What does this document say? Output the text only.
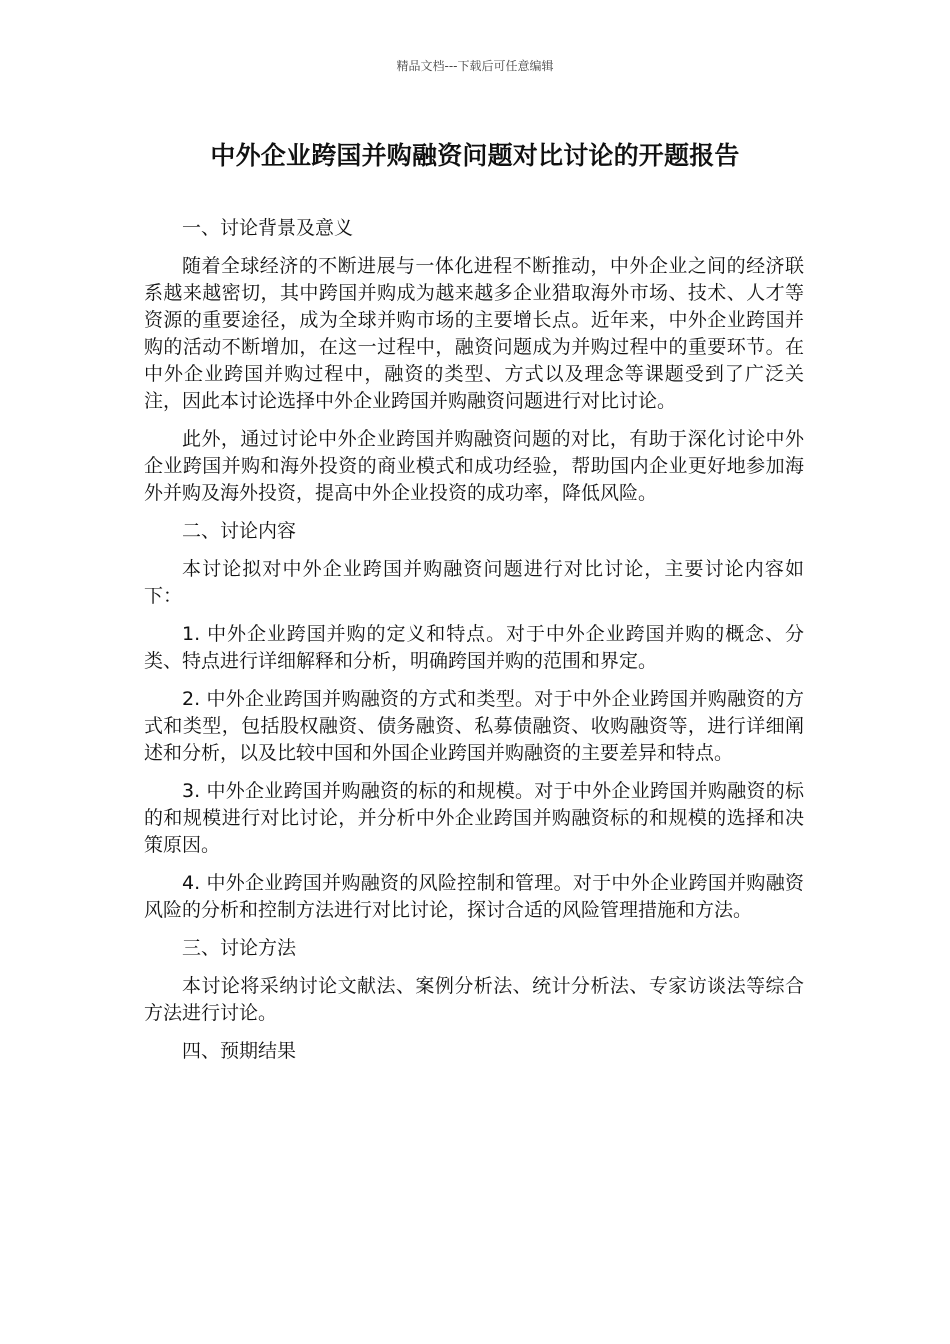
精品文档---下载后可任意编辑
中外企业跨国并购融资问题对比讨论的开题报告

一、讨论背景及意义

随着全球经济的不断进展与一体化进程不断推动，中外企业之间的经济联系越来越密切，其中跨国并购成为越来越多企业猎取海外市场、技术、人才等资源的重要途径，成为全球并购市场的主要增长点。近年来，中外企业跨国并购的活动不断增加，在这一过程中，融资问题成为并购过程中的重要环节。在中外企业跨国并购过程中，融资的类型、方式以及理念等课题受到了广泛关注，因此本讨论选择中外企业跨国并购融资问题进行对比讨论。

此外，通过讨论中外企业跨国并购融资问题的对比，有助于深化讨论中外企业跨国并购和海外投资的商业模式和成功经验，帮助国内企业更好地参加海外并购及海外投资，提高中外企业投资的成功率，降低风险。

二、讨论内容

本讨论拟对中外企业跨国并购融资问题进行对比讨论，主要讨论内容如下：

1. 中外企业跨国并购的定义和特点。对于中外企业跨国并购的概念、分类、特点进行详细解释和分析，明确跨国并购的范围和界定。

2. 中外企业跨国并购融资的方式和类型。对于中外企业跨国并购融资的方式和类型，包括股权融资、债务融资、私募债融资、收购融资等，进行详细阐述和分析，以及比较中国和外国企业跨国并购融资的主要差异和特点。

3. 中外企业跨国并购融资的标的和规模。对于中外企业跨国并购融资的标的和规模进行对比讨论，并分析中外企业跨国并购融资标的和规模的选择和决策原因。

4. 中外企业跨国并购融资的风险控制和管理。对于中外企业跨国并购融资风险的分析和控制方法进行对比讨论，探讨合适的风险管理措施和方法。

三、讨论方法

本讨论将采纳讨论文献法、案例分析法、统计分析法、专家访谈法等综合方法进行讨论。

四、预期结果
